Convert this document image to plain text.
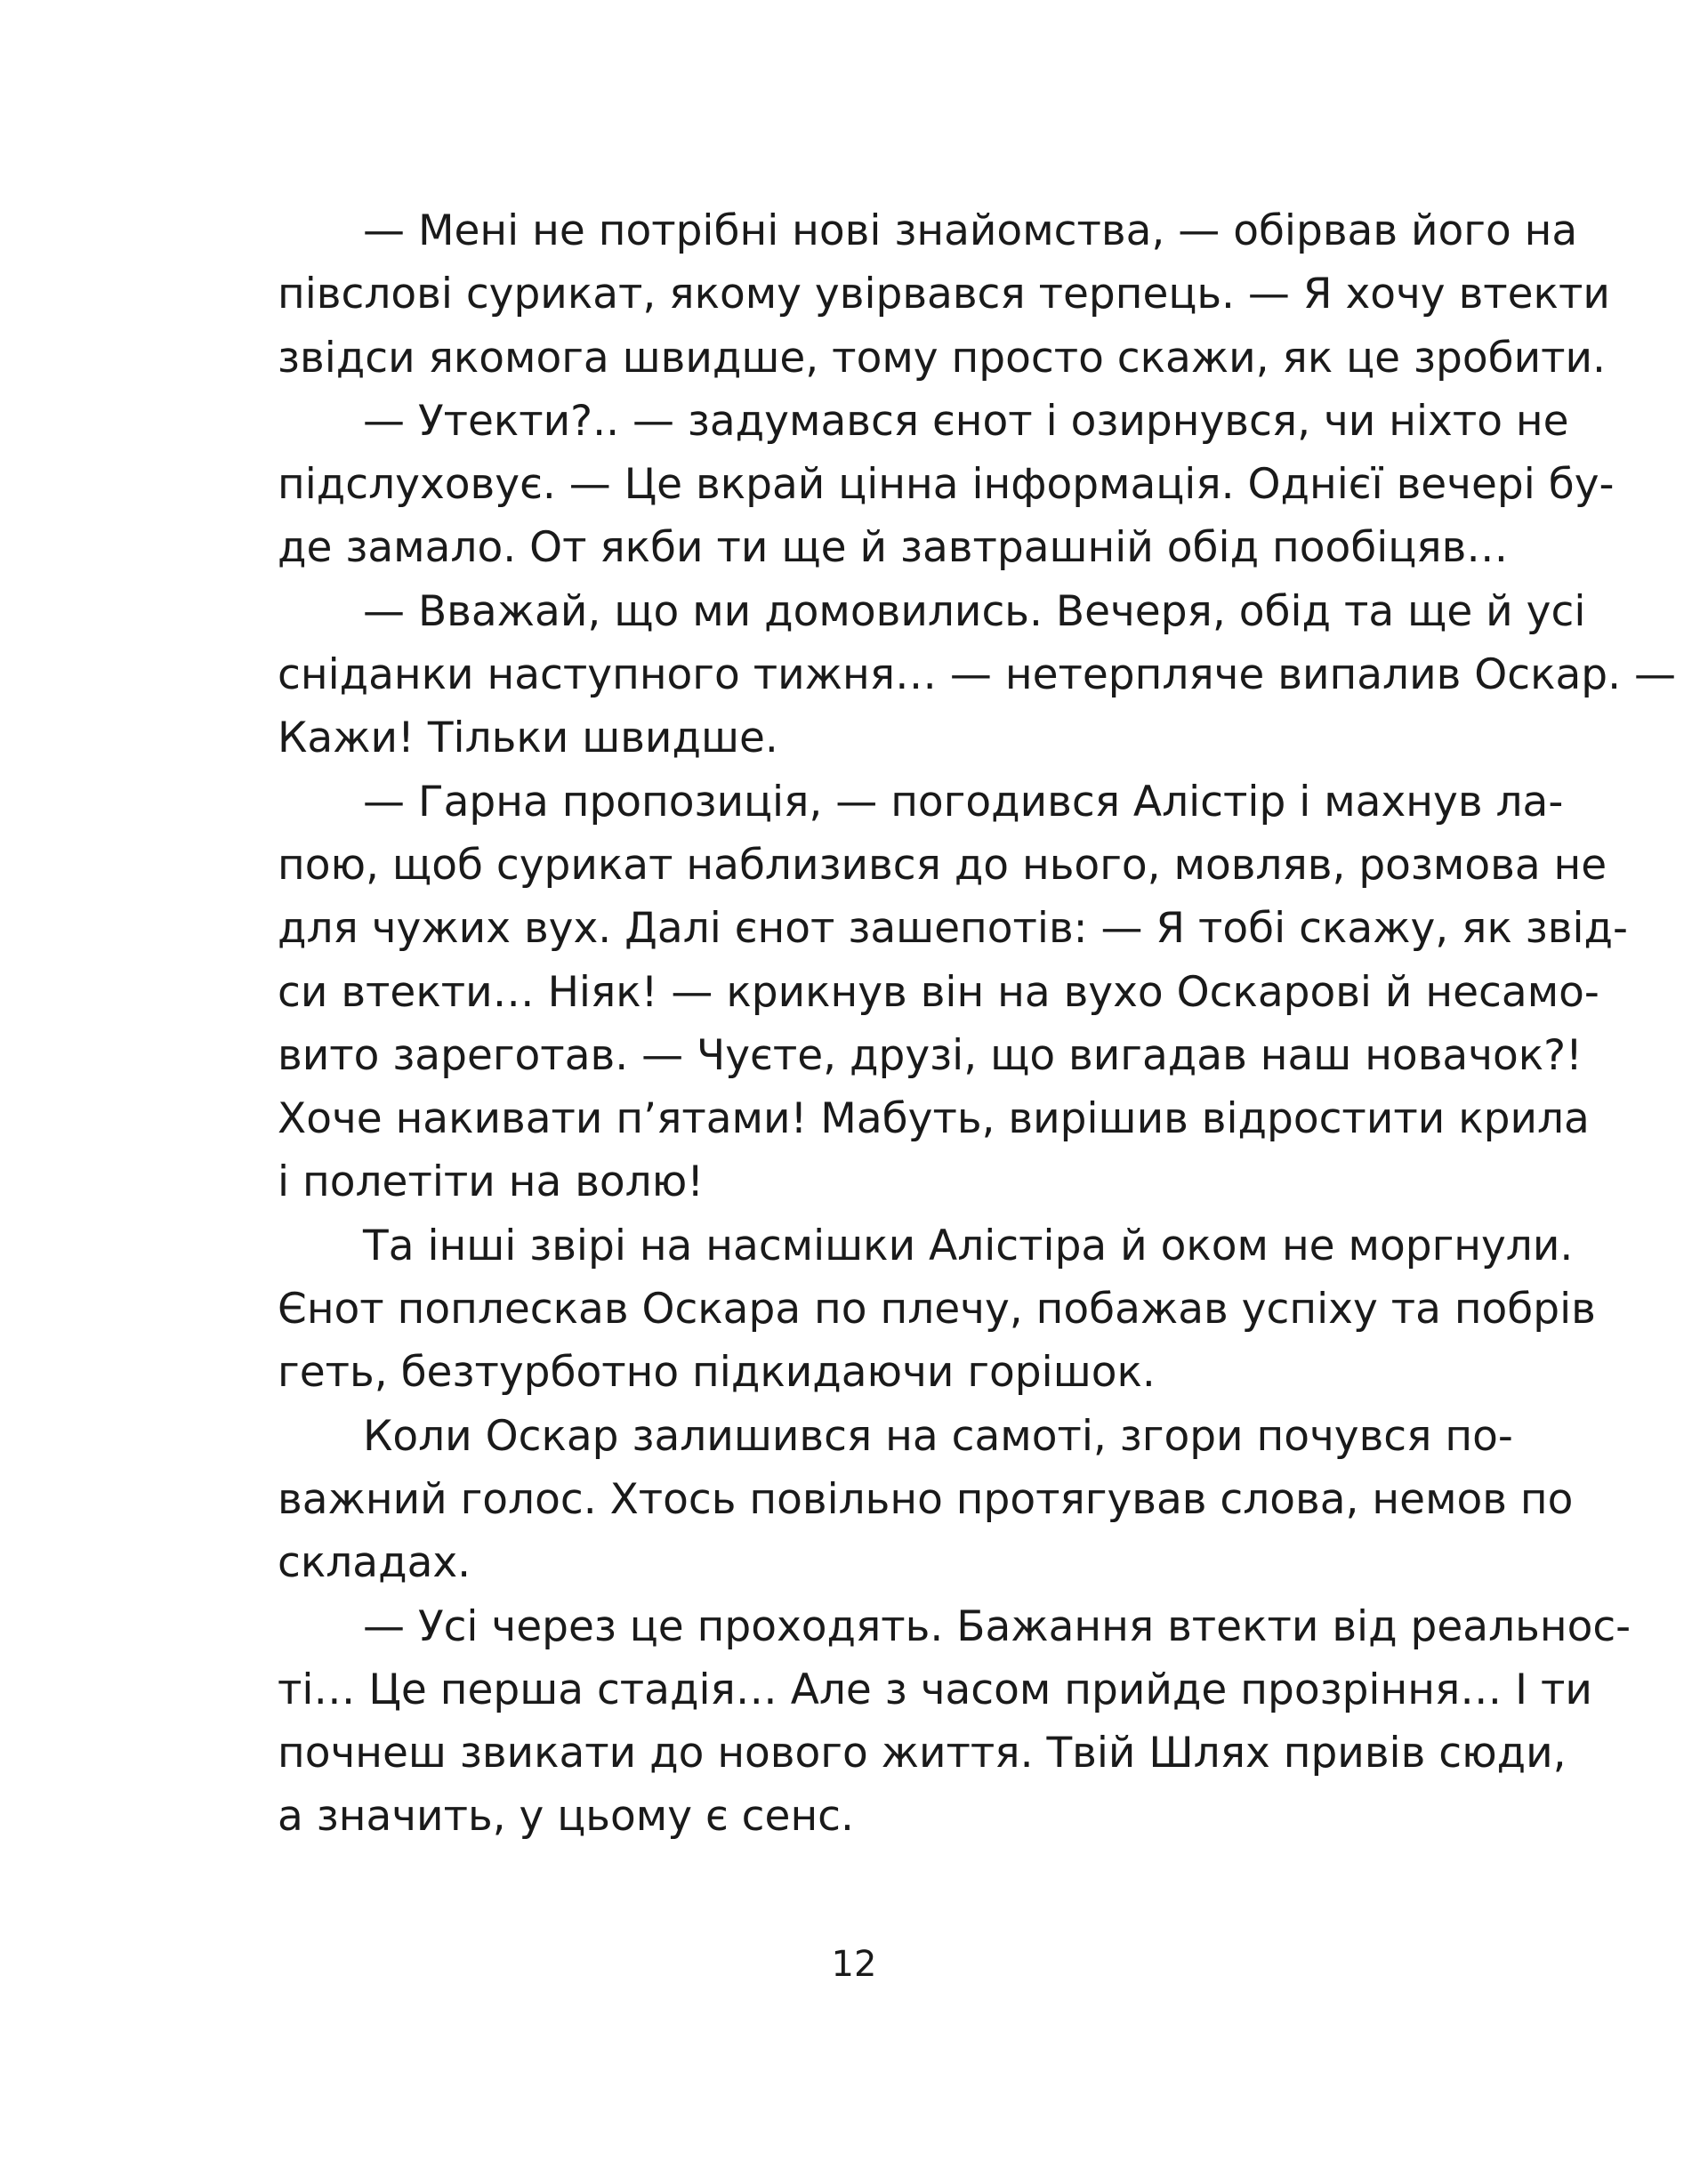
— Мені не потрібні нові знайомства, — обірвав його на
півслові сурикат, якому увірвався терпець. — Я хочу втекти
звідси якомога швидше, тому просто скажи, як це зробити.
— Утекти?.. — задумався єнот і озирнувся, чи ніхто не
підслуховує. — Це вкрай цінна інформація. Однієї вечері бу-
де замало. От якби ти ще й завтрашній обід пообіцяв…
— Вважай, що ми домовились. Вечеря, обід та ще й усі
сніданки наступного тижня… — нетерпляче випалив Оскар. —
Кажи! Тільки швидше.
— Гарна пропозиція, — погодився Алістір і махнув ла-
пою, щоб сурикат наблизився до нього, мовляв, розмова не
для чужих вух. Далі єнот зашепотів: — Я тобі скажу, як звід-
си втекти… Ніяк! — крикнув він на вухо Оскарові й несамо-
вито зареготав. — Чуєте, друзі, що вигадав наш новачок?!
Хоче накивати п’ятами! Мабуть, вирішив відростити крила
і полетіти на волю!
Та інші звірі на насмішки Алістіра й оком не моргнули.
Єнот поплескав Оскара по плечу, побажав успіху та побрів
геть, безтурботно підкидаючи горішок.
Коли Оскар залишився на самоті, згори почувся по-
важний голос. Хтось повільно протягував слова, немов по
складах.
— Усі через це проходять. Бажання втекти від реальнос-
ті… Це перша стадія… Але з часом прийде прозріння… І ти
почнеш звикати до нового життя. Твій Шлях привів сюди,
а значить, у цьому є сенс.
12
